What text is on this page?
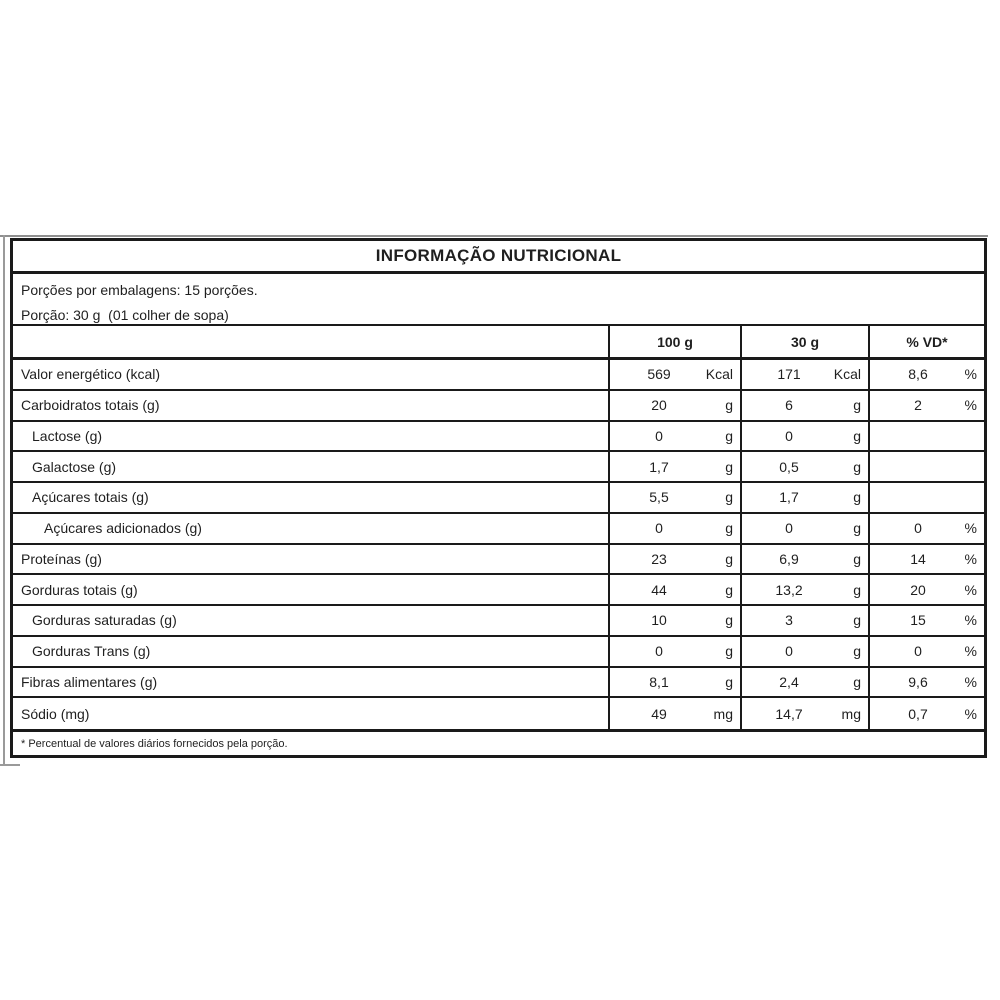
INFORMAÇÃO NUTRICIONAL
Porções por embalagens: 15 porções.
Porção: 30 g  (01 colher de sopa)
100 g	30 g	% VD*
Valor energético (kcal)	569	Kcal	171	Kcal	8,6	%
Carboidratos totais (g)	20	g	6	g	2	%
Lactose (g)	0	g	0	g
Galactose (g)	1,7	g	0,5	g
Açúcares totais (g)	5,5	g	1,7	g
Açúcares adicionados (g)	0	g	0	g	0	%
Proteínas (g)	23	g	6,9	g	14	%
Gorduras totais (g)	44	g	13,2	g	20	%
Gorduras saturadas (g)	10	g	3	g	15	%
Gorduras Trans (g)	0	g	0	g	0	%
Fibras alimentares (g)	8,1	g	2,4	g	9,6	%
Sódio (mg)	49	mg	14,7	mg	0,7	%
* Percentual de valores diários fornecidos pela porção.
